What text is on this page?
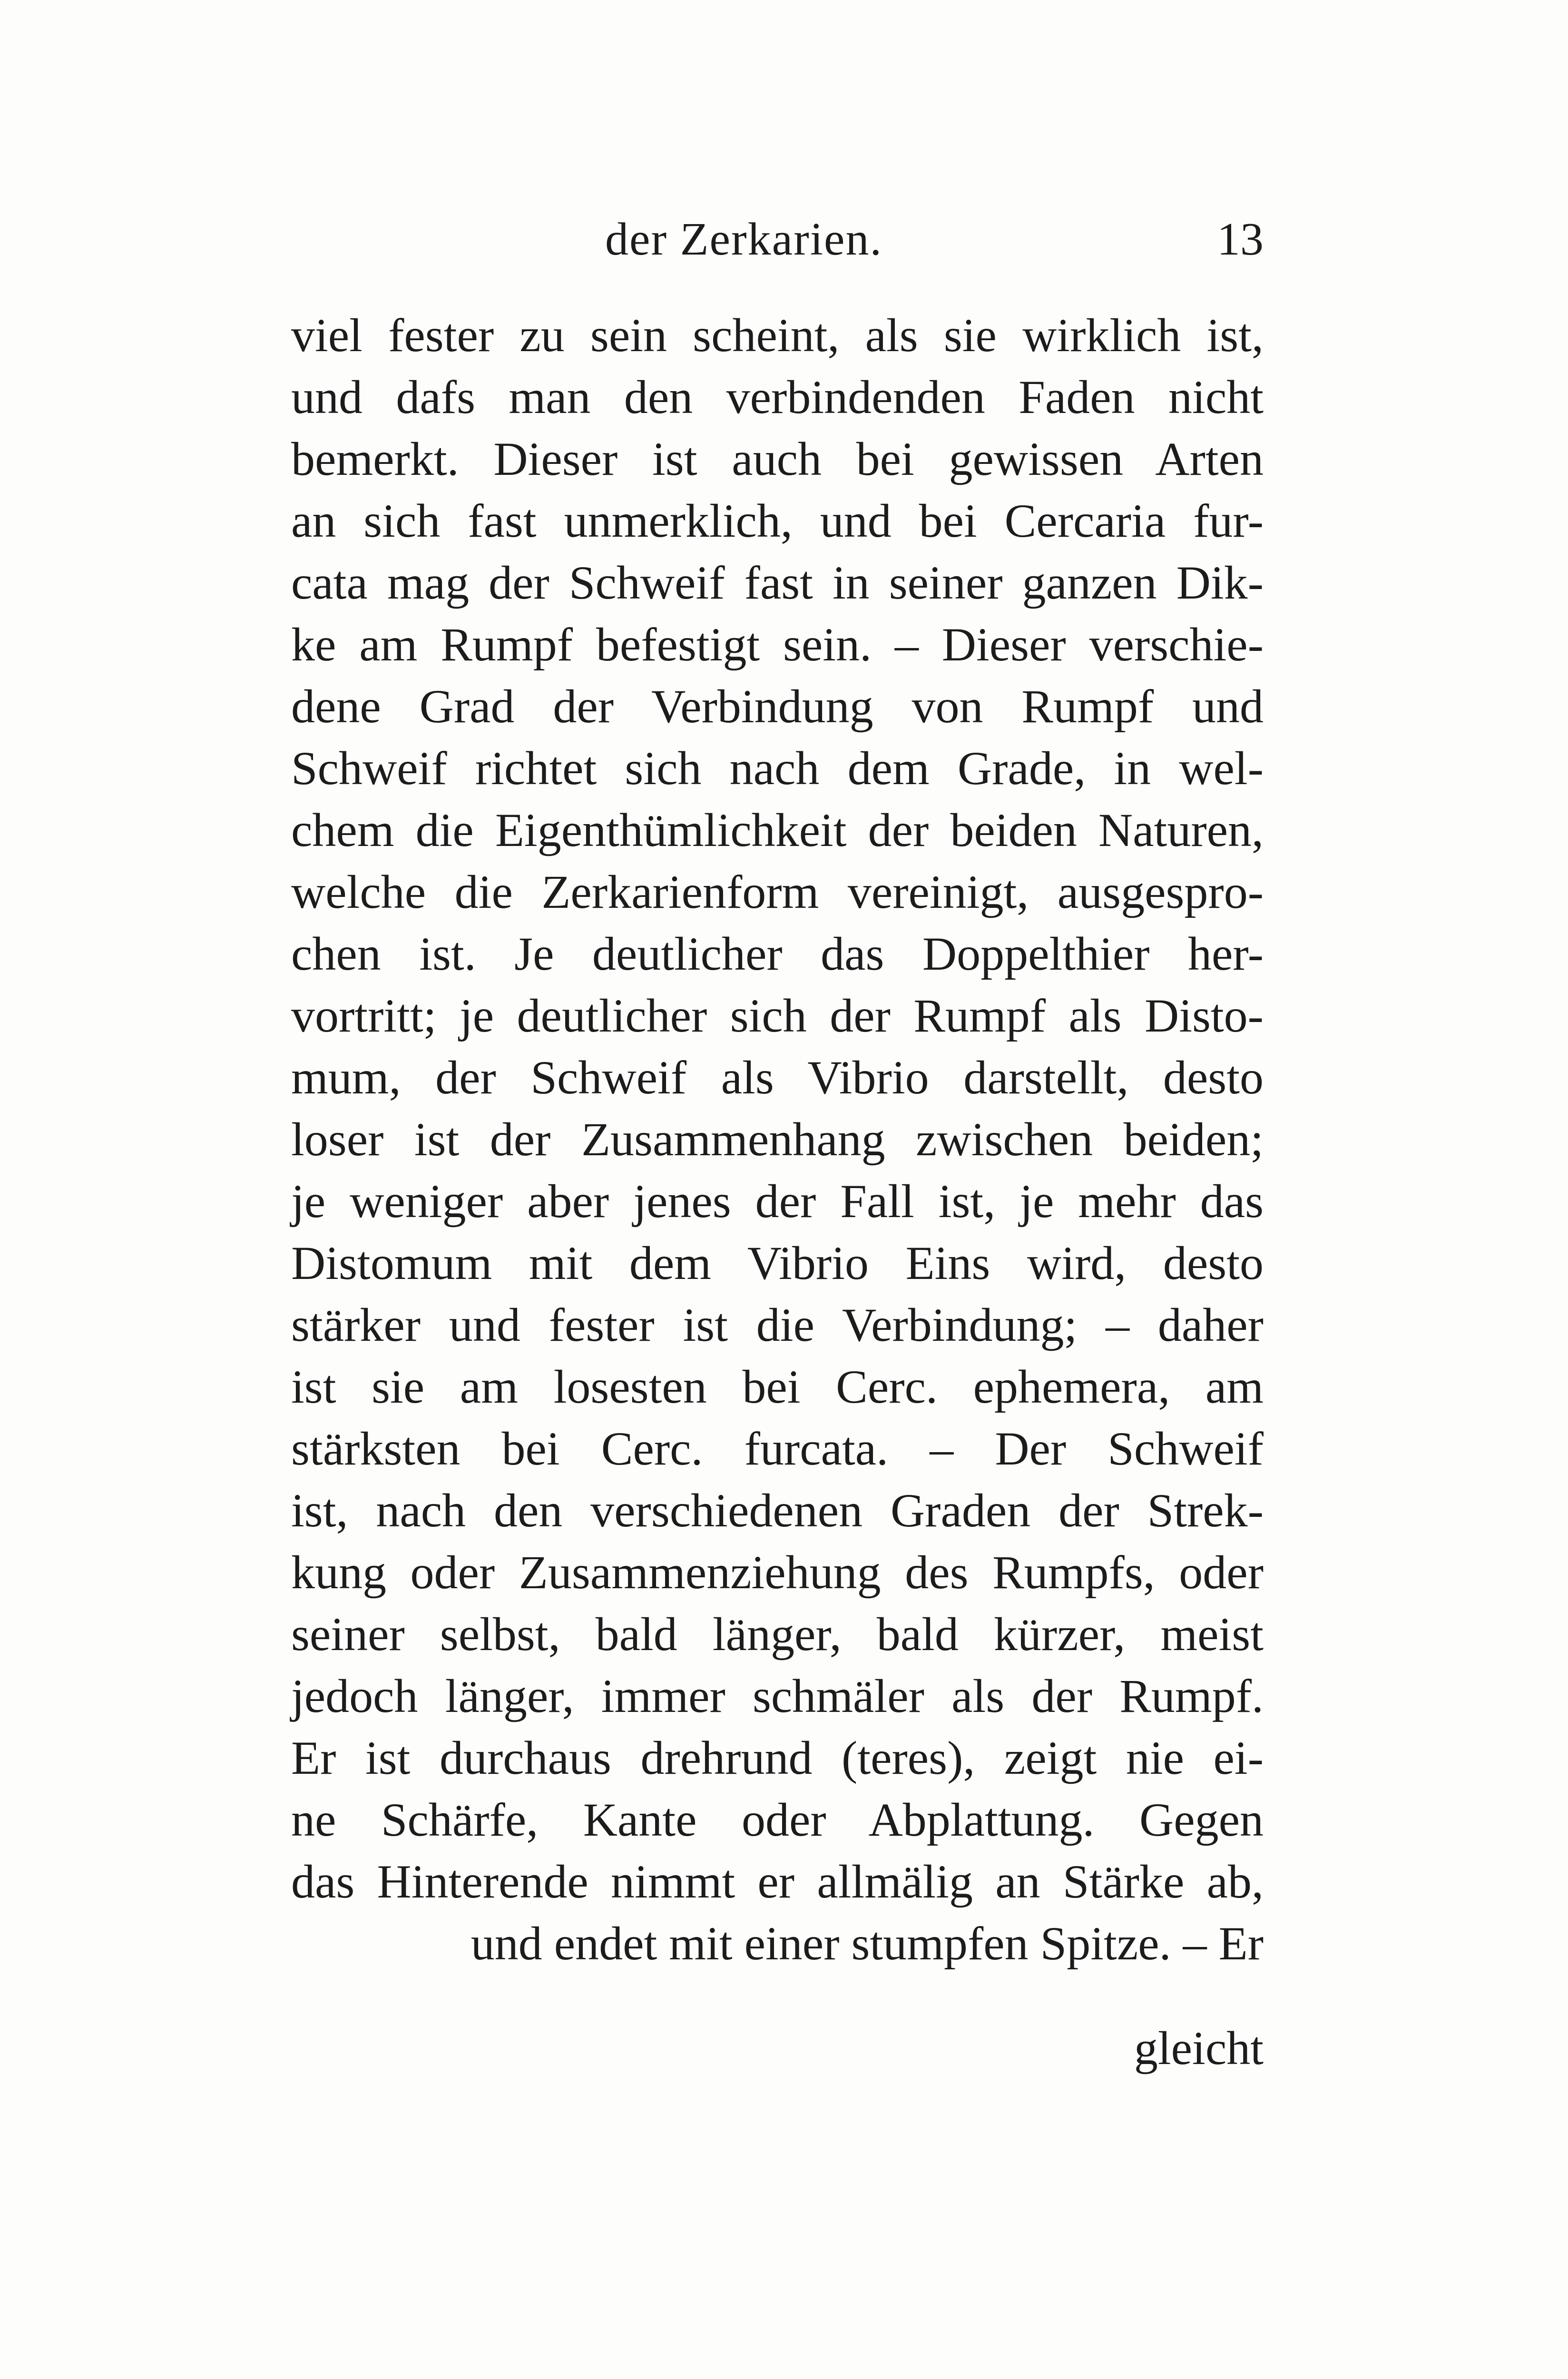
der Zerkarien.	13
viel fester zu sein scheint, als sie wirklich ist,
und dafs man den verbindenden Faden nicht
bemerkt. Dieser ist auch bei gewissen Arten
an sich fast unmerklich, und bei Cercaria fur-
cata mag der Schweif fast in seiner ganzen Dik-
ke am Rumpf befestigt sein. – Dieser verschie-
dene Grad der Verbindung von Rumpf und
Schweif richtet sich nach dem Grade, in wel-
chem die Eigenthümlichkeit der beiden Naturen,
welche die Zerkarienform vereinigt, ausgespro-
chen ist. Je deutlicher das Doppelthier her-
vortritt; je deutlicher sich der Rumpf als Disto-
mum, der Schweif als Vibrio darstellt, desto
loser ist der Zusammenhang zwischen beiden;
je weniger aber jenes der Fall ist, je mehr das
Distomum mit dem Vibrio Eins wird, desto
stärker und fester ist die Verbindung; – daher
ist sie am losesten bei Cerc. ephemera, am
stärksten bei Cerc. furcata. – Der Schweif
ist, nach den verschiedenen Graden der Strek-
kung oder Zusammenziehung des Rumpfs, oder
seiner selbst, bald länger, bald kürzer, meist
jedoch länger, immer schmäler als der Rumpf.
Er ist durchaus drehrund (teres), zeigt nie ei-
ne Schärfe, Kante oder Abplattung. Gegen
das Hinterende nimmt er allmälig an Stärke ab,
und endet mit einer stumpfen Spitze. – Er
gleicht
